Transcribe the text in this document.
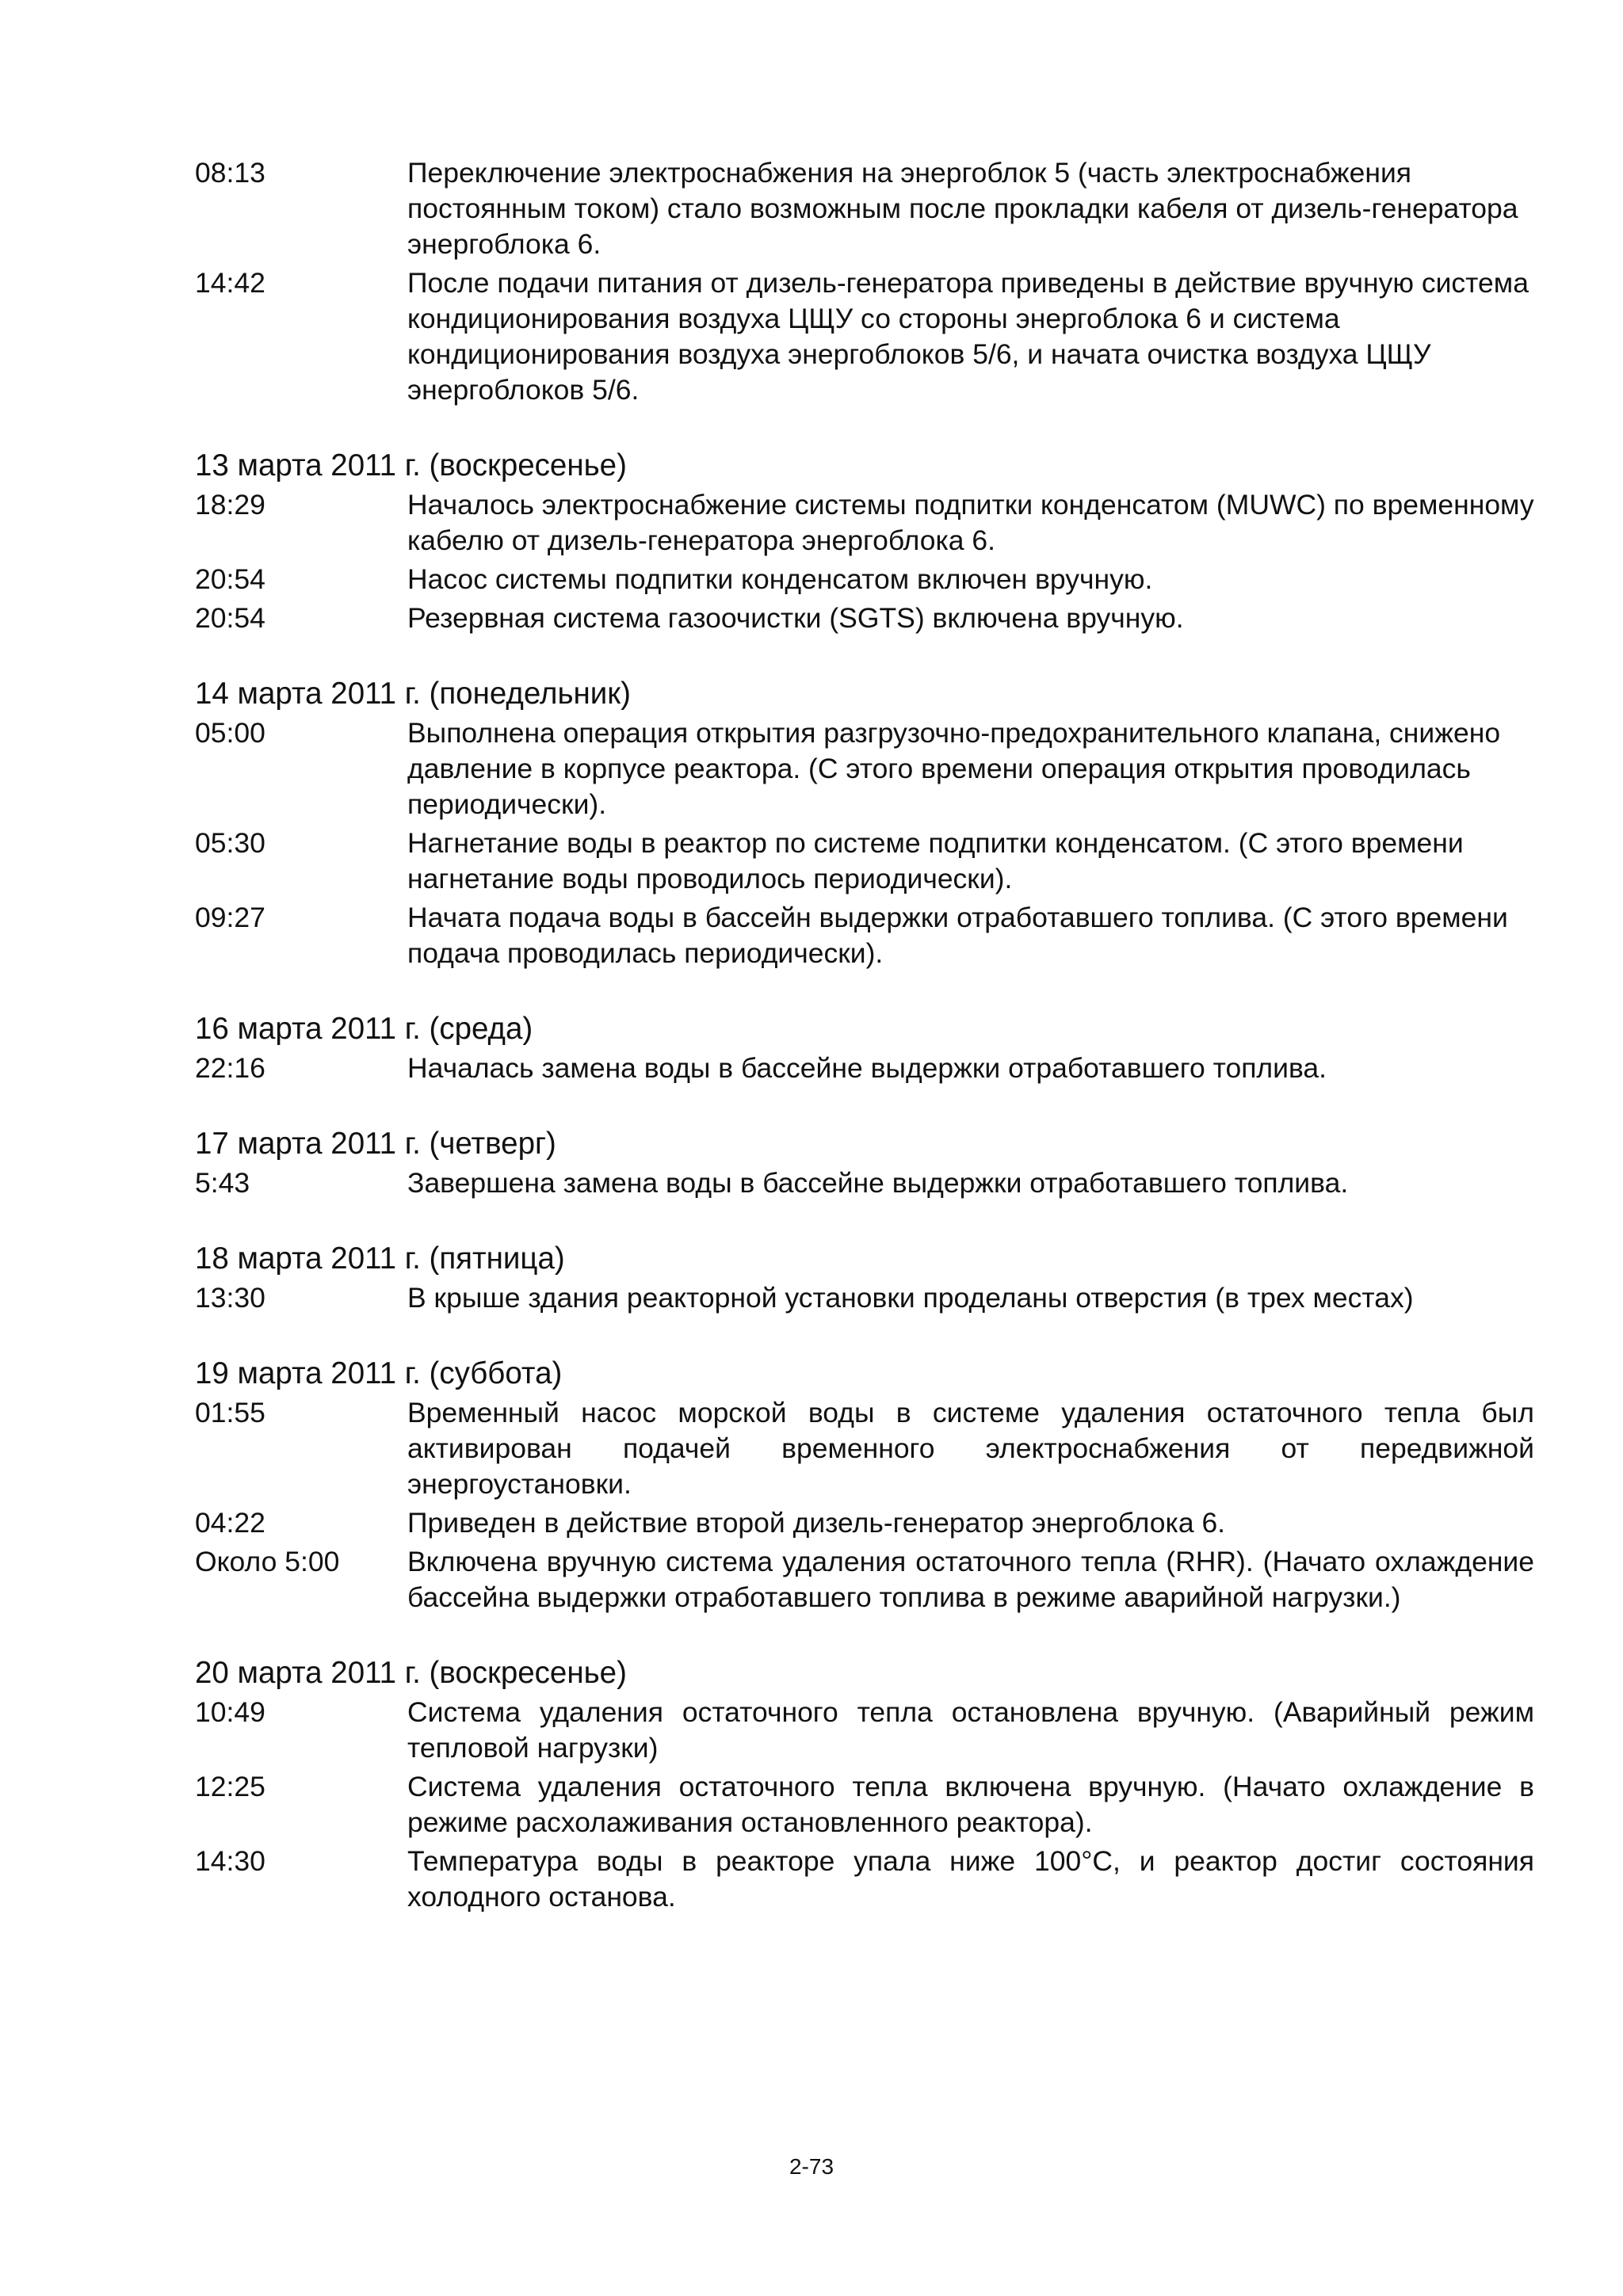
08:13	Переключение электроснабжения на энергоблок 5 (часть электроснабжения постоянным током) стало возможным после прокладки кабеля от дизель-генератора энергоблока 6.
14:42	После подачи питания от дизель-генератора приведены в действие вручную система кондиционирования воздуха ЦЩУ со стороны энергоблока 6 и система кондиционирования воздуха энергоблоков 5/6, и начата очистка воздуха ЦЩУ энергоблоков 5/6.
13 марта 2011 г. (воскресенье)
18:29	Началось электроснабжение системы подпитки конденсатом (MUWC) по временному кабелю от дизель-генератора энергоблока 6.
20:54	Насос системы подпитки конденсатом включен вручную.
20:54	Резервная система газоочистки (SGTS) включена вручную.
14 марта 2011 г. (понедельник)
05:00	Выполнена операция открытия разгрузочно-предохранительного клапана, снижено давление в корпусе реактора. (С этого времени операция открытия проводилась периодически).
05:30	Нагнетание воды в реактор по системе подпитки конденсатом. (С этого времени нагнетание воды проводилось периодически).
09:27	Начата подача воды в бассейн выдержки отработавшего топлива. (С этого времени подача проводилась периодически).
16 марта 2011 г. (среда)
22:16	Началась замена воды в бассейне выдержки отработавшего топлива.
17 марта 2011 г. (четверг)
5:43	Завершена замена воды в бассейне выдержки отработавшего топлива.
18 марта 2011 г. (пятница)
13:30	В крыше здания реакторной установки проделаны отверстия (в трех местах)
19 марта 2011 г. (суббота)
01:55	Временный насос морской воды в системе удаления остаточного тепла был активирован подачей временного электроснабжения от передвижной энергоустановки.
04:22	Приведен в действие второй дизель-генератор энергоблока 6.
Около 5:00	Включена вручную система удаления остаточного тепла (RHR). (Начато охлаждение бассейна выдержки отработавшего топлива в режиме аварийной нагрузки.)
20 марта 2011 г. (воскресенье)
10:49	Система удаления остаточного тепла остановлена вручную. (Аварийный режим тепловой нагрузки)
12:25	Система удаления остаточного тепла включена вручную. (Начато охлаждение в режиме расхолаживания остановленного реактора).
14:30	Температура воды в реакторе упала ниже 100°C, и реактор достиг состояния холодного останова.
2-73
